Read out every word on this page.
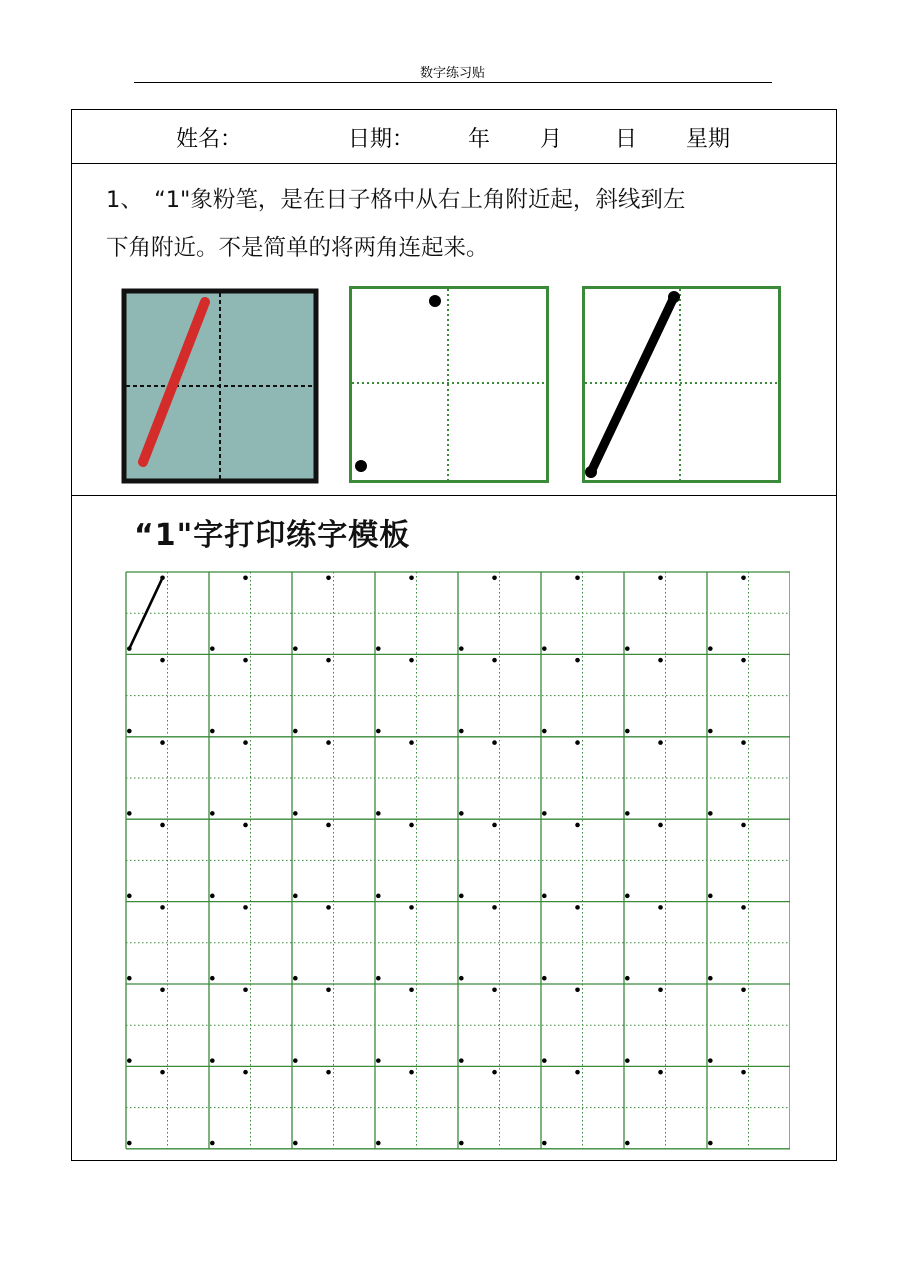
数字练习贴
姓名：	日期： 年 月 日 星期
1、　“1"象粉笔，是在日子格中从右上角附近起，斜线到左
下角附近。不是简单的将两角连起来。
“1"字打印练字模板
